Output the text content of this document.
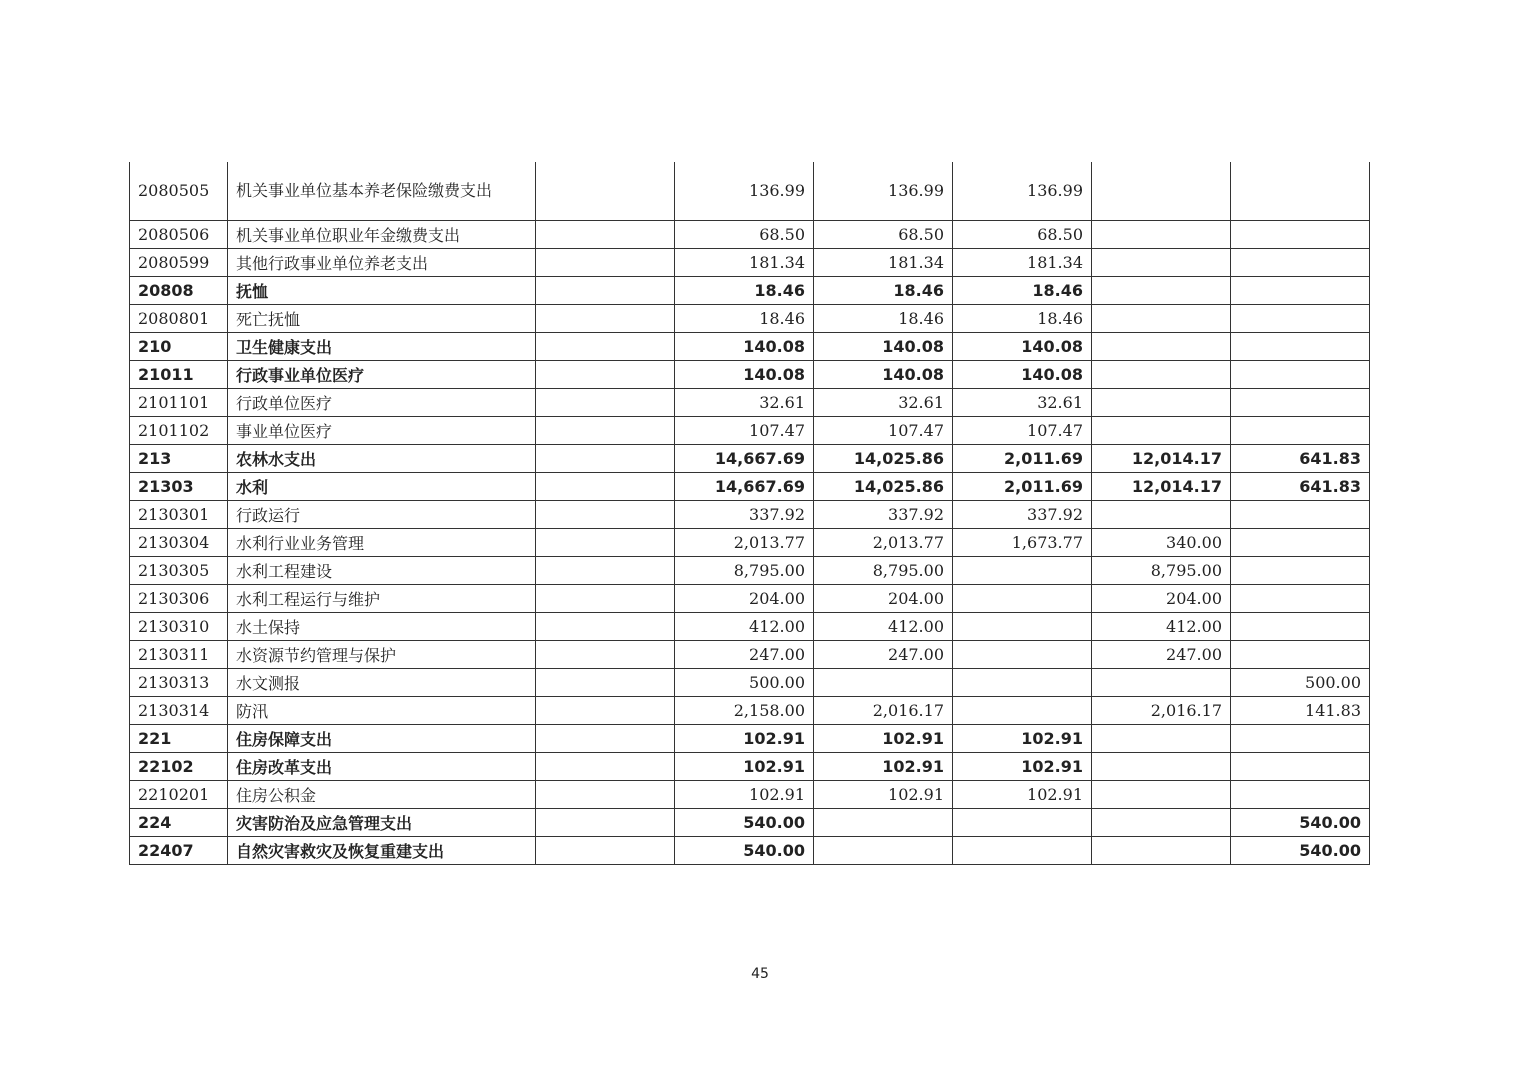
2080505	机关事业单位基本养老保险缴费支出		136.99	136.99	136.99		
2080506	机关事业单位职业年金缴费支出		68.50	68.50	68.50		
2080599	其他行政事业单位养老支出		181.34	181.34	181.34		
20808	抚恤		18.46	18.46	18.46		
2080801	死亡抚恤		18.46	18.46	18.46		
210	卫生健康支出		140.08	140.08	140.08		
21011	行政事业单位医疗		140.08	140.08	140.08		
2101101	行政单位医疗		32.61	32.61	32.61		
2101102	事业单位医疗		107.47	107.47	107.47		
213	农林水支出		14,667.69	14,025.86	2,011.69	12,014.17	641.83
21303	水利		14,667.69	14,025.86	2,011.69	12,014.17	641.83
2130301	行政运行		337.92	337.92	337.92		
2130304	水利行业业务管理		2,013.77	2,013.77	1,673.77	340.00	
2130305	水利工程建设		8,795.00	8,795.00		8,795.00	
2130306	水利工程运行与维护		204.00	204.00		204.00	
2130310	水土保持		412.00	412.00		412.00	
2130311	水资源节约管理与保护		247.00	247.00		247.00	
2130313	水文测报		500.00				500.00
2130314	防汛		2,158.00	2,016.17		2,016.17	141.83
221	住房保障支出		102.91	102.91	102.91		
22102	住房改革支出		102.91	102.91	102.91		
2210201	住房公积金		102.91	102.91	102.91		
224	灾害防治及应急管理支出		540.00				540.00
22407	自然灾害救灾及恢复重建支出		540.00				540.00
45
